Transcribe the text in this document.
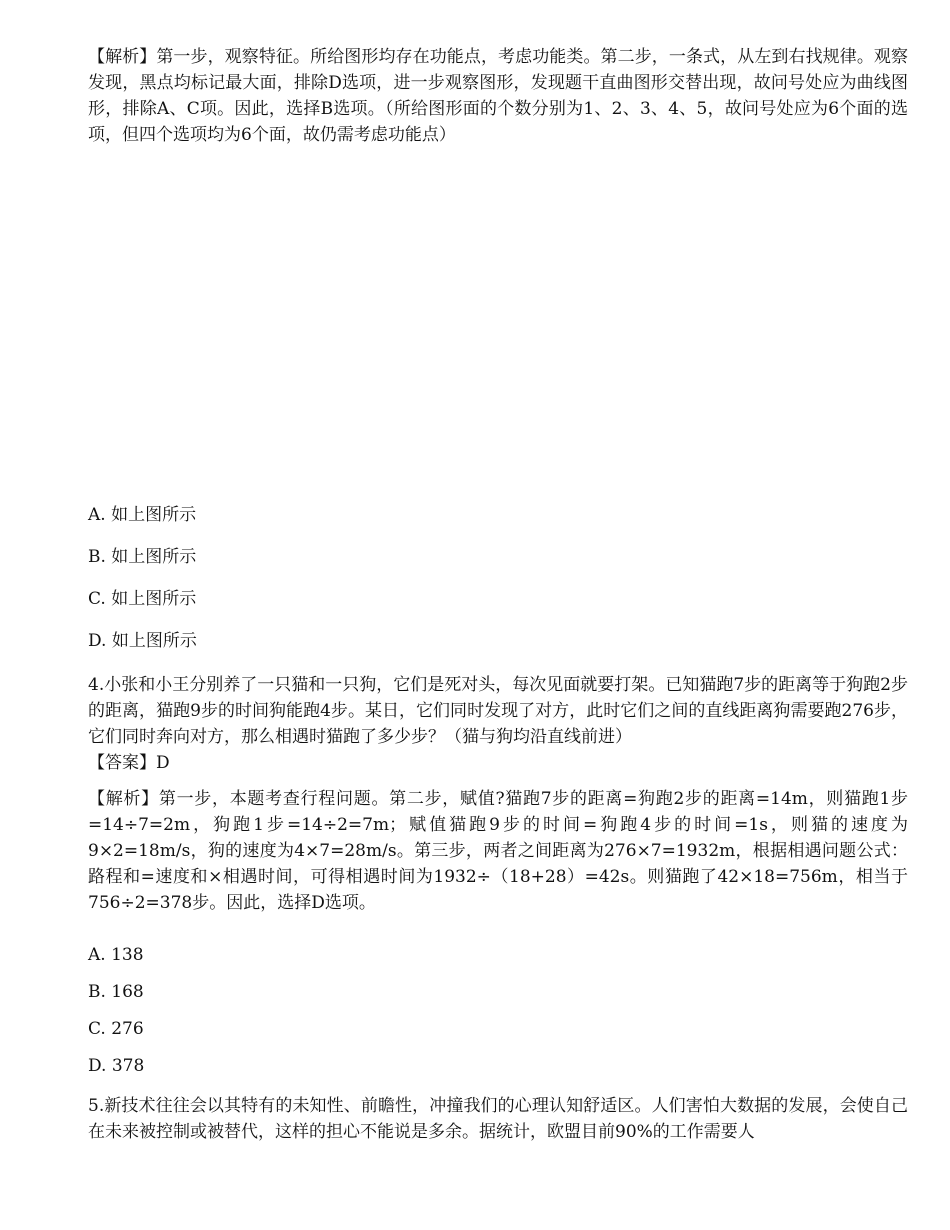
【解析】第一步，观察特征。所给图形均存在功能点，考虑功能类。第二步，一条式，从左到右找规律。观察发现，黑点均标记最大面，排除D选项，进一步观察图形，发现题干直曲图形交替出现，故问号处应为曲线图形，排除A、C项。因此，选择B选项。（所给图形面的个数分别为1、2、3、4、5，故问号处应为6个面的选项，但四个选项均为6个面，故仍需考虑功能点）

A. 如上图所示

B. 如上图所示

C. 如上图所示

D. 如上图所示

4.小张和小王分别养了一只猫和一只狗，它们是死对头，每次见面就要打架。已知猫跑7步的距离等于狗跑2步的距离，猫跑9步的时间狗能跑4步。某日，它们同时发现了对方，此时它们之间的直线距离狗需要跑276步，它们同时奔向对方，那么相遇时猫跑了多少步？（猫与狗均沿直线前进）

【答案】D

【解析】第一步，本题考查行程问题。第二步，赋值?猫跑7步的距离=狗跑2步的距离=14m，则猫跑1步=14÷7=2m，狗跑1步=14÷2=7m；赋值猫跑9步的时间=狗跑4步的时间=1s，则猫的速度为9×2=18m/s，狗的速度为4×7=28m/s。第三步，两者之间距离为276×7=1932m，根据相遇问题公式：路程和=速度和×相遇时间，可得相遇时间为1932÷（18+28）=42s。则猫跑了42×18=756m，相当于756÷2=378步。因此，选择D选项。

A. 138

B. 168

C. 276

D. 378

5.新技术往往会以其特有的未知性、前瞻性，冲撞我们的心理认知舒适区。人们害怕大数据的发展，会使自己在未来被控制或被替代，这样的担心不能说是多余。据统计，欧盟目前90%的工作需要人
